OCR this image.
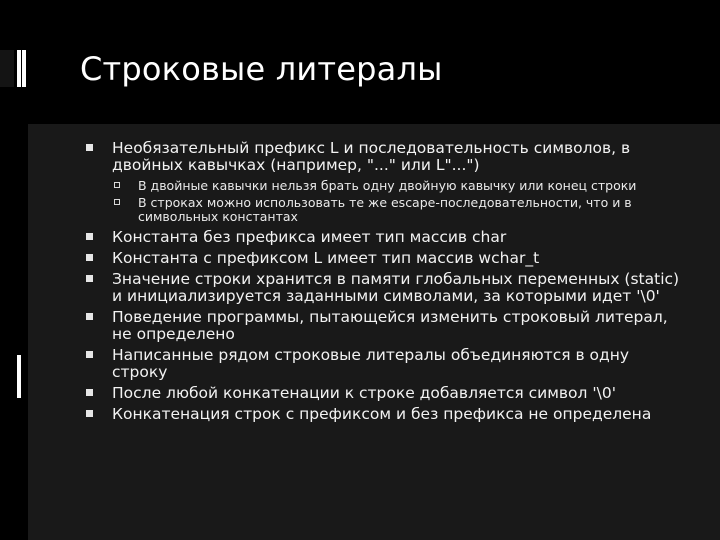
Строковые литералы
Необязательный префикс L и последовательность символов, в двойных кавычках (например, "..." или L"...")
В двойные кавычки нельзя брать одну двойную кавычку или конец строки
В строках можно использовать те же escape-последовательности, что и в символьных константах
Константа без префикса имеет тип массив char
Константа с префиксом L имеет тип массив wchar_t
Значение строки хранится в памяти глобальных переменных (static) и инициализируется заданными символами, за которыми идет '\0'
Поведение программы, пытающейся изменить строковый литерал, не определено
Написанные рядом строковые литералы объединяются в одну строку
После любой конкатенации к строке добавляется символ '\0'
Конкатенация строк с префиксом и без префикса не определена
